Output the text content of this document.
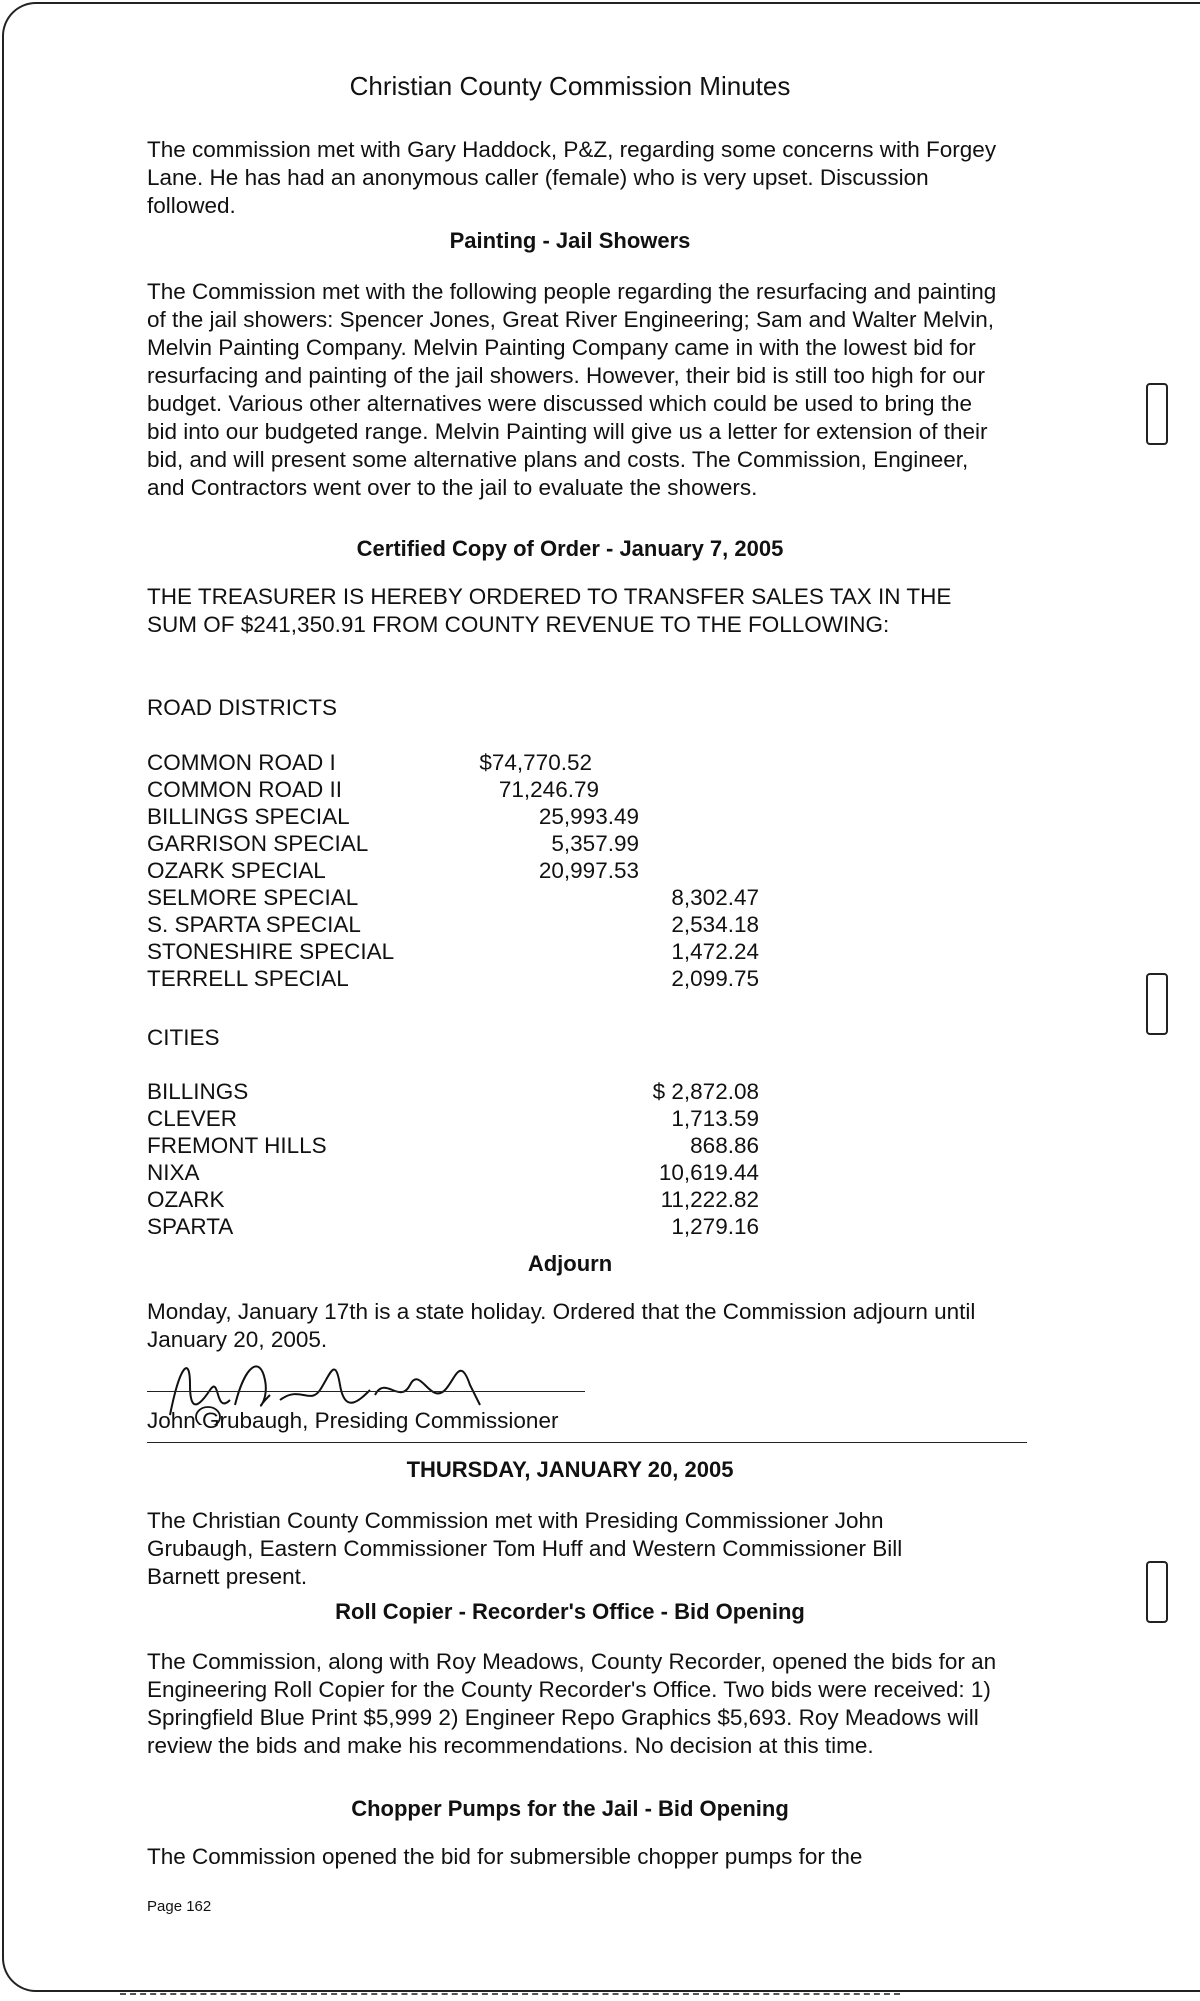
Christian County Commission Minutes
The commission met with Gary Haddock, P&Z, regarding some concerns with Forgey Lane. He has had an anonymous caller (female) who is very upset. Discussion followed.
Painting - Jail Showers
The Commission met with the following people regarding the resurfacing and painting of the jail showers: Spencer Jones, Great River Engineering; Sam and Walter Melvin, Melvin Painting Company. Melvin Painting Company came in with the lowest bid for resurfacing and painting of the jail showers. However, their bid is still too high for our budget. Various other alternatives were discussed which could be used to bring the bid into our budgeted range. Melvin Painting will give us a letter for extension of their bid, and will present some alternative plans and costs. The Commission, Engineer, and Contractors went over to the jail to evaluate the showers.
Certified Copy of Order - January 7, 2005
THE TREASURER IS HEREBY ORDERED TO TRANSFER SALES TAX IN THE SUM OF $241,350.91 FROM COUNTY REVENUE TO THE FOLLOWING:
ROAD DISTRICTS
COMMON ROAD I	$74,770.52
COMMON ROAD II	71,246.79
BILLINGS SPECIAL	25,993.49
GARRISON SPECIAL	5,357.99
OZARK SPECIAL	20,997.53
SELMORE SPECIAL	8,302.47
S. SPARTA SPECIAL	2,534.18
STONESHIRE SPECIAL	1,472.24
TERRELL SPECIAL	2,099.75
CITIES
BILLINGS	$ 2,872.08
CLEVER	1,713.59
FREMONT HILLS	868.86
NIXA	10,619.44
OZARK	11,222.82
SPARTA	1,279.16
Adjourn
Monday, January 17th is a state holiday. Ordered that the Commission adjourn until January 20, 2005.
John Grubaugh, Presiding Commissioner
THURSDAY, JANUARY 20, 2005
The Christian County Commission met with Presiding Commissioner John Grubaugh, Eastern Commissioner Tom Huff and Western Commissioner Bill Barnett present.
Roll Copier - Recorder's Office - Bid Opening
The Commission, along with Roy Meadows, County Recorder, opened the bids for an Engineering Roll Copier for the County Recorder's Office. Two bids were received: 1) Springfield Blue Print $5,999 2) Engineer Repo Graphics $5,693. Roy Meadows will review the bids and make his recommendations. No decision at this time.
Chopper Pumps for the Jail - Bid Opening
The Commission opened the bid for submersible chopper pumps for the
Page 162
